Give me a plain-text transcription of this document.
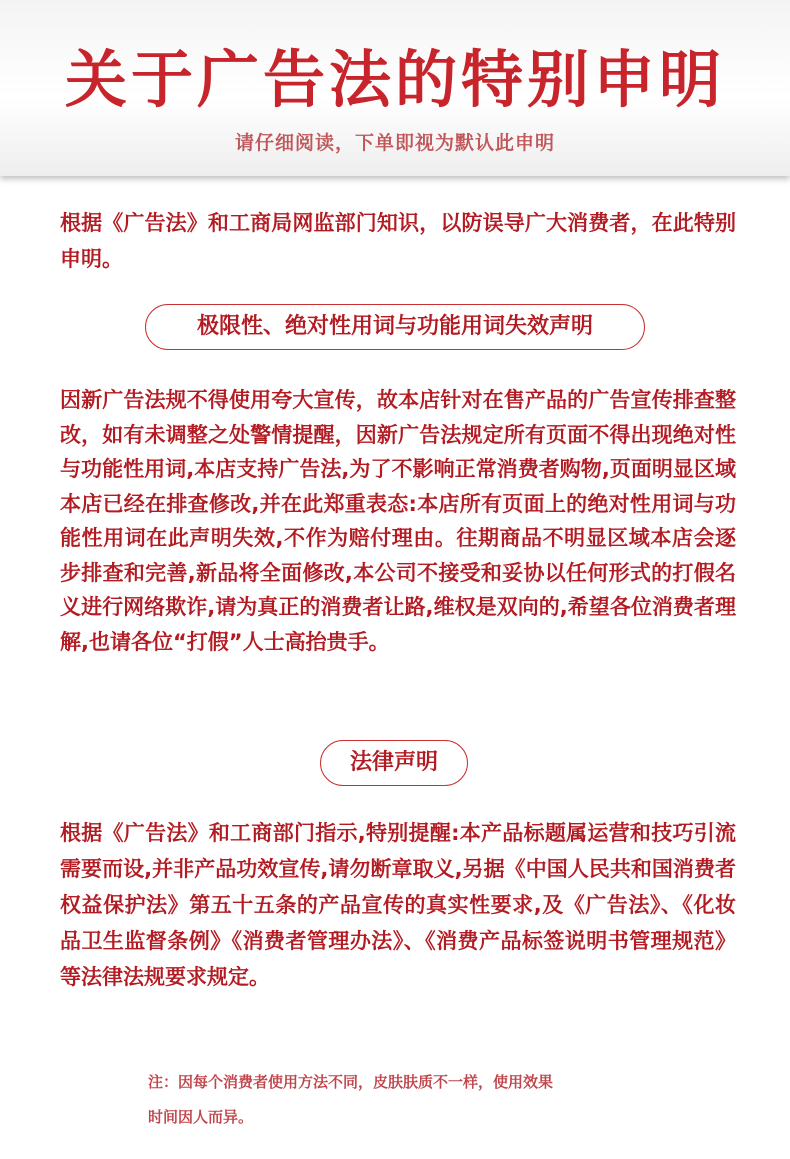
关于广告法的特别申明
请仔细阅读，下单即视为默认此申明
根据《广告法》和工商局网监部门知识，以防误导广大消费者，在此特别申明。
极限性、绝对性用词与功能用词失效声明
因新广告法规不得使用夸大宣传，故本店针对在售产品的广告宣传排查整改，如有未调整之处警情提醒，因新广告法规定所有页面不得出现绝对性与功能性用词,本店支持广告法,为了不影响正常消费者购物,页面明显区域本店已经在排查修改,并在此郑重表态:本店所有页面上的绝对性用词与功能性用词在此声明失效,不作为赔付理由。往期商品不明显区域本店会逐步排查和完善,新品将全面修改,本公司不接受和妥协以任何形式的打假名义进行网络欺诈,请为真正的消费者让路,维权是双向的,希望各位消费者理解,也请各位“打假”人士高抬贵手。
法律声明
根据《广告法》和工商部门指示,特别提醒:本产品标题属运营和技巧引流需要而设,并非产品功效宣传,请勿断章取义,另据《中国人民共和国消费者权益保护法》第五十五条的产品宣传的真实性要求,及《广告法》、《化妆品卫生监督条例》《消费者管理办法》、《消费产品标签说明书管理规范》等法律法规要求规定。
注：因每个消费者使用方法不同，皮肤肤质不一样，使用效果
时间因人而异。
